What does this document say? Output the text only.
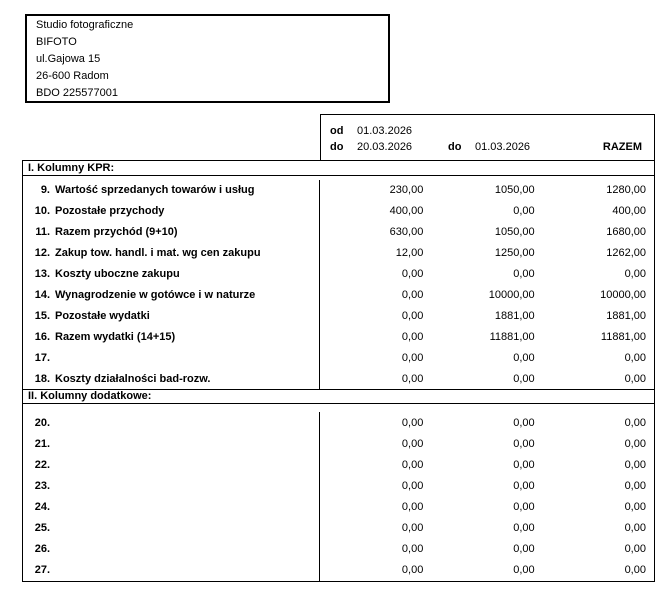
Studio fotograficzne
BIFOTO
ul.Gajowa 15
26-600 Radom
BDO 225577001
od 01.03.2026
do 20.03.2026	do 01.03.2026	RAZEM
I. Kolumny KPR:
9. Wartość sprzedanych towarów i usług	230,00	1050,00	1280,00
10. Pozostałe przychody	400,00	0,00	400,00
11. Razem przychód (9+10)	630,00	1050,00	1680,00
12. Zakup tow. handl. i mat. wg cen zakupu	12,00	1250,00	1262,00
13. Koszty uboczne zakupu	0,00	0,00	0,00
14. Wynagrodzenie w gotówce i w naturze	0,00	10000,00	10000,00
15. Pozostałe wydatki	0,00	1881,00	1881,00
16. Razem wydatki (14+15)	0,00	11881,00	11881,00
17.	0,00	0,00	0,00
18. Koszty działalności bad-rozw.	0,00	0,00	0,00
II. Kolumny dodatkowe:
20.	0,00	0,00	0,00
21.	0,00	0,00	0,00
22.	0,00	0,00	0,00
23.	0,00	0,00	0,00
24.	0,00	0,00	0,00
25.	0,00	0,00	0,00
26.	0,00	0,00	0,00
27.	0,00	0,00	0,00
